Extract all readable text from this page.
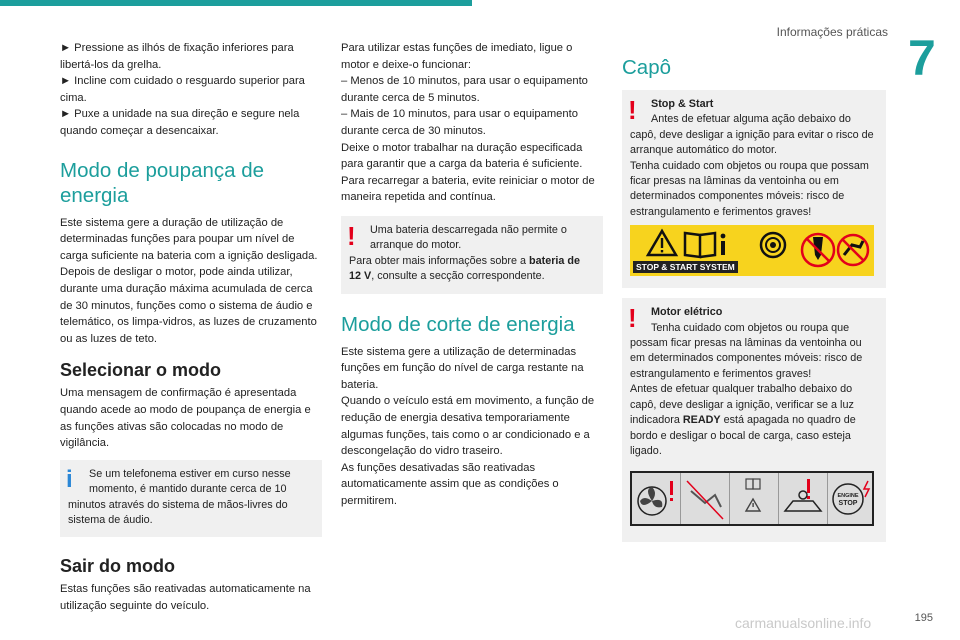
Informações práticas 7

► Pressione as ilhós de fixação inferiores para libertá-los da grelha.

► Incline com cuidado o resguardo superior para cima.

► Puxe a unidade na sua direção e segure nela quando começar a desencaixar.

Modo de poupança de energia

Este sistema gere a duração de utilização de determinadas funções para poupar um nível de carga suficiente na bateria com a ignição desligada.
Depois de desligar o motor, pode ainda utilizar, durante uma duração máxima acumulada de cerca de 30 minutos, funções como o sistema de áudio e telemático, os limpa-vidros, as luzes de cruzamento ou as luzes de teto.

Selecionar o modo

Uma mensagem de confirmação é apresentada quando acede ao modo de poupança de energia e as funções ativas são colocadas no modo de vigilância.

i	Se um telefonema estiver em curso nesse momento, é mantido durante cerca de 10

minutos através do sistema de mãos-livres do sistema de áudio.

Sair do modo

Estas funções são reativadas automaticamente na utilização seguinte do veículo.

Para utilizar estas funções de imediato, ligue o motor e deixe-o funcionar:
– Menos de 10 minutos, para usar o equipamento durante cerca de 5 minutos.
– Mais de 10 minutos, para usar o equipamento durante cerca de 30 minutos.
Deixe o motor trabalhar na duração especificada para garantir que a carga da bateria é suficiente.
Para recarregar a bateria, evite reiniciar o motor de maneira repetida and contínua.

!	Uma bateria descarregada não permite o arranque do motor.

Para obter mais informações sobre a bateria de 12 V, consulte a secção correspondente.

Modo de corte de energia

Este sistema gere a utilização de determinadas funções em função do nível de carga restante na bateria.
Quando o veículo está em movimento, a função de redução de energia desativa temporariamente algumas funções, tais como o ar condicionado e a descongelação do vidro traseiro.
As funções desativadas são reativadas automaticamente assim que as condições o permitirem.

Capô
!	Stop & Start

Antes de efetuar alguma ação debaixo do

capô, deve desligar a ignição para evitar o risco de arranque automático do motor.
Tenha cuidado com objetos ou roupa que possam ficar presas na lâminas da ventoinha ou em determinados componentes móveis: risco de estrangulamento e ferimentos graves!

STOP & START SYSTEM
!	Motor elétrico

Tenha cuidado com objetos ou roupa que

possam ficar presas na lâminas da ventoinha ou em determinados componentes móveis: risco de estrangulamento e ferimentos graves!
Antes de efetuar qualquer trabalho debaixo do capô, deve desligar a ignição, verificar se a luz indicadora READY está apagada no quadro de bordo e desligar o bocal de carga, caso esteja ligado.

ENGINE
STOP
195
carmanualsonline.info
